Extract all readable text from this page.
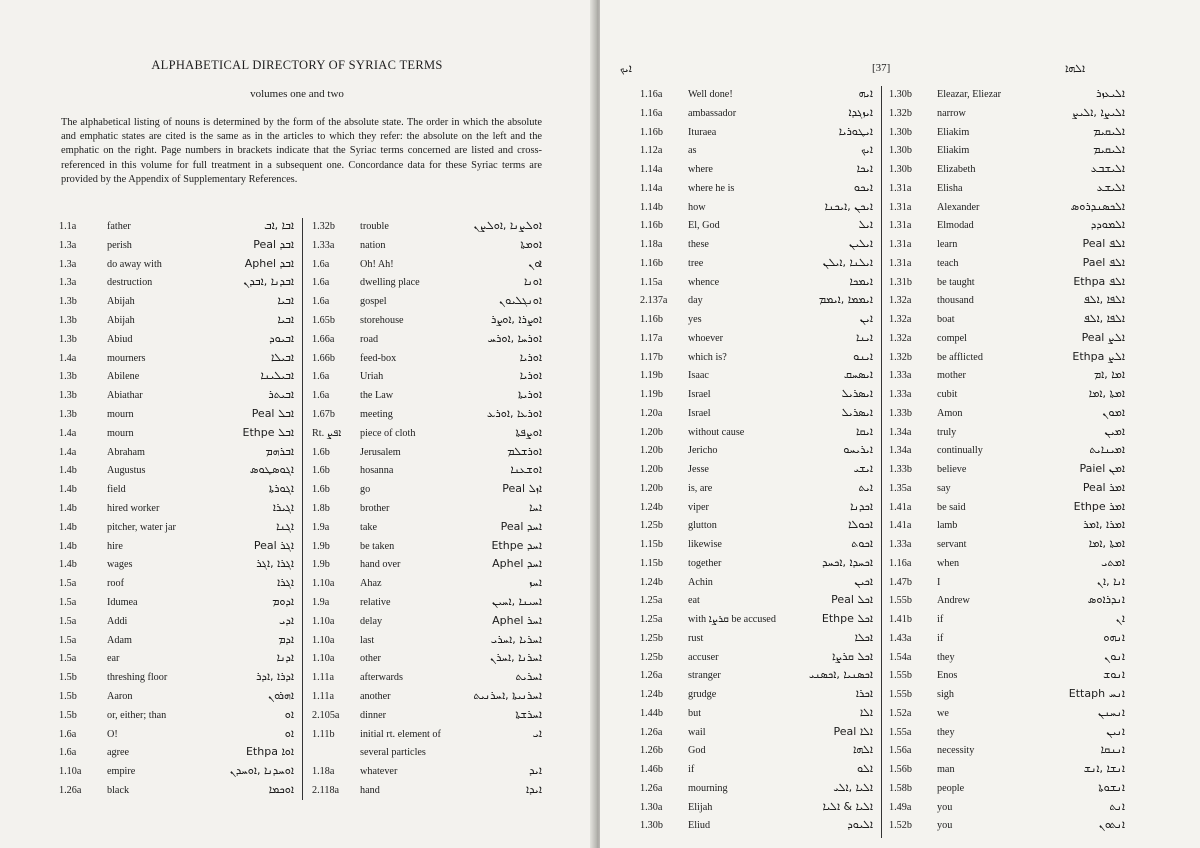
ALPHABETICAL DIRECTORY OF SYRIAC TERMS
volumes one and two
The alphabetical listing of nouns is determined by the form of the absolute state. The order in which the absolute and emphatic states are cited is the same as in the articles to which they refer: the absolute on the left and the emphatic on the right. Page numbers in brackets indicate that the Syriac terms concerned are listed and cross-referenced in this volume for full treatment in a subsequent one. Concordance data for these Syriac terms are provided by the Appendix of Supplementary References.
1.1a	father	ܐܒܐ ,ܐܒ
1.3a	perish	Peal ܐܒܕ
1.3a	do away with	Aphel ܐܒܕ
1.3a	destruction	ܐܒܕܢܐ ,ܐܒܕܢ
1.3b	Abijah	ܐܒܝܐ
1.3b	Abijah	ܐܒܝܐ
1.3b	Abiud	ܐܒܝܘܕ
1.4a	mourners	ܐܒܝܠܐ
1.3b	Abilene	ܐܒܝܠܝܢܐ
1.3b	Abiathar	ܐܒܝܬܪ
1.3b	mourn	Peal ܐܒܠ
1.4a	mourn	Ethpe ܐܒܠ
1.4a	Abraham	ܐܒܪܗܡ
1.4b	Augustus	ܐܓܘܣܛܘܣ
1.4b	field	ܐܓܘܪܬܐ
1.4b	hired worker	ܐܓܝܪܐ
1.4b	pitcher, water jar	ܐܓܢܐ
1.4b	hire	Peal ܐܓܪ
1.4b	wages	ܐܓܪܐ ,ܐܓܪ
1.5a	roof	ܐܓܪܐ
1.5a	Idumea	ܐܕܘܡ
1.5a	Addi	ܐܕܝ
1.5a	Adam	ܐܕܡ
1.5a	ear	ܐܕܢܐ
1.5b	threshing floor	ܐܕܪܐ ,ܐܕܪ
1.5b	Aaron	ܐܗܪܘܢ
1.5b	or, either; than	ܐܘ
1.6a	O!	ܐܘ
1.6a	agree	Ethpa ܐܘܐ
1.10a	empire	ܐܘܚܕܢܐ ,ܐܘܚܕܢ
1.26a	black	ܐܘܟܡܐ
1.32b	trouble	ܐܘܠܨܢܐ ,ܐܘܠܨܢ
1.33a	nation	ܐܘܡܬܐ
1.6a	Oh! Ah!	ܐܘܢ
1.6a	dwelling place	ܐܘܢܐ
1.6a	gospel	ܐܘܢܓܠܝܘܢ
1.65b	storehouse	ܐܘܨܪܐ ,ܐܘܨܪ
1.66a	road	ܐܘܪܚܐ ,ܐܘܪܚ
1.66b	feed-box	ܐܘܪܝܐ
1.6a	Uriah	ܐܘܪܝܐ
1.6a	the Law	ܐܘܪܝܬܐ
1.67b	meeting	ܐܘܪܥܐ ,ܐܘܪܥ
Rt. ܐܦܨ	piece of cloth	ܐܘܨܦܬܐ
1.6b	Jerusalem	ܐܘܪܫܠܡ
1.6b	hosanna	ܐܘܫܥܢܐ
1.6b	go	Peal ܐܙܠ
1.8b	brother	ܐܚܐ
1.9a	take	Peal ܐܚܕ
1.9b	be taken	Ethpe ܐܚܕ
1.9b	hand over	Aphel ܐܚܕ
1.10a	Ahaz	ܐܚܙ
1.9a	relative	ܐܚܝܢܐ ,ܐܚܝܢ
1.10a	delay	Aphel ܐܚܪ
1.10a	last	ܐܚܪܝܐ ,ܐܚܪܝ
1.10a	other	ܐܚܪܢܐ ,ܐܚܪܢ
1.11a	afterwards	ܐܚܪܝܬ
1.11a	another	ܐܚܪܢܝܬܐ ,ܐܚܪܢܝܬ
2.105a	dinner	ܐܚܪܫܬܐ
1.11b	initial rt. element of	ܐܝ
several particles
1.18a	whatever	ܐܝܕ
2.118a	hand	ܐܝܕܐ
ܐܝܟ	[37]	ܐܠܗܐ
1.16a	Well done!	ܐܝܗ
1.16a	ambassador	ܐܝܙܓܕܐ
1.16b	Ituraea	ܐܝܛܘܪܝܐ
1.12a	as	ܐܝܟ
1.14a	where	ܐܝܟܐ
1.14a	where he is	ܐܝܟܘ
1.14b	how	ܐܝܟܢ ,ܐܝܟܢܐ
1.16b	El, God	ܐܝܠ
1.18a	these	ܐܝܠܝܢ
1.16b	tree	ܐܝܠܢܐ ,ܐܝܠܢ
1.15a	whence	ܐܝܡܟܐ
2.137a	day	ܐܝܡܡܐ ,ܐܝܡܡ
1.16b	yes	ܐܝܢ
1.17a	whoever	ܐܝܢܐ
1.17b	which is?	ܐܝܢܘ
1.19b	Isaac	ܐܝܣܚܩ
1.19b	Israel	ܐܝܣܪܝܠ
1.20a	Israel	ܐܝܣܪܝܠ
1.20b	without cause	ܐܝܩܐ
1.20b	Jericho	ܐܝܪܝܚܘ
1.20b	Jesse	ܐܝܫܝ
1.20b	is, are	ܐܝܬ
1.24b	viper	ܐܟܕܢܐ
1.25b	glutton	ܐܟܘܠܐ
1.15b	likewise	ܐܟܘܬ
1.15b	together	ܐܟܚܕܐ ,ܐܟܚܕ
1.24b	Achin	ܐܟܝܢ
1.25a	eat	Peal ܐܟܠ
1.25a	with ܩܪܨܐ be accused	Ethpe ܐܟܠ
1.25b	rust	ܐܟܠܐ
1.25b	accuser	ܐܟܠ ܩܪܨܐ
1.26a	stranger	ܐܟܣܢܝܐ ,ܐܟܣܢܝ
1.24b	grudge	ܐܟܪܐ
1.44b	but	ܐܠܐ
1.26a	wail	Peal ܐܠܐ
1.26b	God	ܐܠܗܐ
1.46b	if	ܐܠܘ
1.26a	mourning	ܐܠܝܐ ,ܐܠܝ
1.30a	Elijah	ܐܠܝܐ & ܐܠܝܐ
1.30b	Eliud	ܐܠܝܘܕ
1.30b	Eleazar, Eliezar	ܐܠܝܥܙܪ
1.32b	narrow	ܐܠܝܨܐ ,ܐܠܝܨ
1.30b	Eliakim	ܐܠܝܩܝܡ
1.30b	Eliakim	ܐܠܝܩܝܡ
1.30b	Elizabeth	ܐܠܝܫܒܥ
1.31a	Elisha	ܐܠܝܫܥ
1.31a	Alexander	ܐܠܟܣܢܕܪܘܣ
1.31a	Elmodad	ܐܠܡܘܕܕ
1.31a	learn	Peal ܐܠܦ
1.31a	teach	Pael ܐܠܦ
1.31b	be taught	Ethpa ܐܠܦ
1.32a	thousand	ܐܠܦܐ ,ܐܠܦ
1.32a	boat	ܐܠܦܐ ,ܐܠܦ
1.32a	compel	Peal ܐܠܨ
1.32b	be afflicted	Ethpa ܐܠܨ
1.33a	mother	ܐܡܐ ,ܐܡ
1.33a	cubit	ܐܡܬܐ ,ܐܡܐ
1.33b	Amon	ܐܡܘܢ
1.34a	truly	ܐܡܝܢ
1.34a	continually	ܐܡܝܢܐܝܬ
1.33b	believe	Paiel ܐܡܢ
1.35a	say	Peal ܐܡܪ
1.41a	be said	Ethpe ܐܡܪ
1.41a	lamb	ܐܡܪܐ ,ܐܡܪ
1.33a	servant	ܐܡܬܐ ,ܐܡܐ
1.16a	when	ܐܡܬܝ
1.47b	I	ܐܢܐ ,ܐܢ
1.55b	Andrew	ܐܢܕܪܐܘܣ
1.41b	if	ܐܢ
1.43a	if	ܐܢܗܘ
1.54a	they	ܐܢܘܢ
1.55b	Enos	ܐܢܘܫ
1.55b	sigh	Ettaph ܐܢܚ
1.52a	we	ܐܢܚܢܢ
1.55a	they	ܐܢܝܢ
1.56a	necessity	ܐܢܢܩܐ
1.56b	man	ܐܢܫܐ ,ܐܢܫ
1.58b	people	ܐܢܫܘܬܐ
1.49a	you	ܐܢܬ
1.52b	you	ܐܢܬܘܢ
